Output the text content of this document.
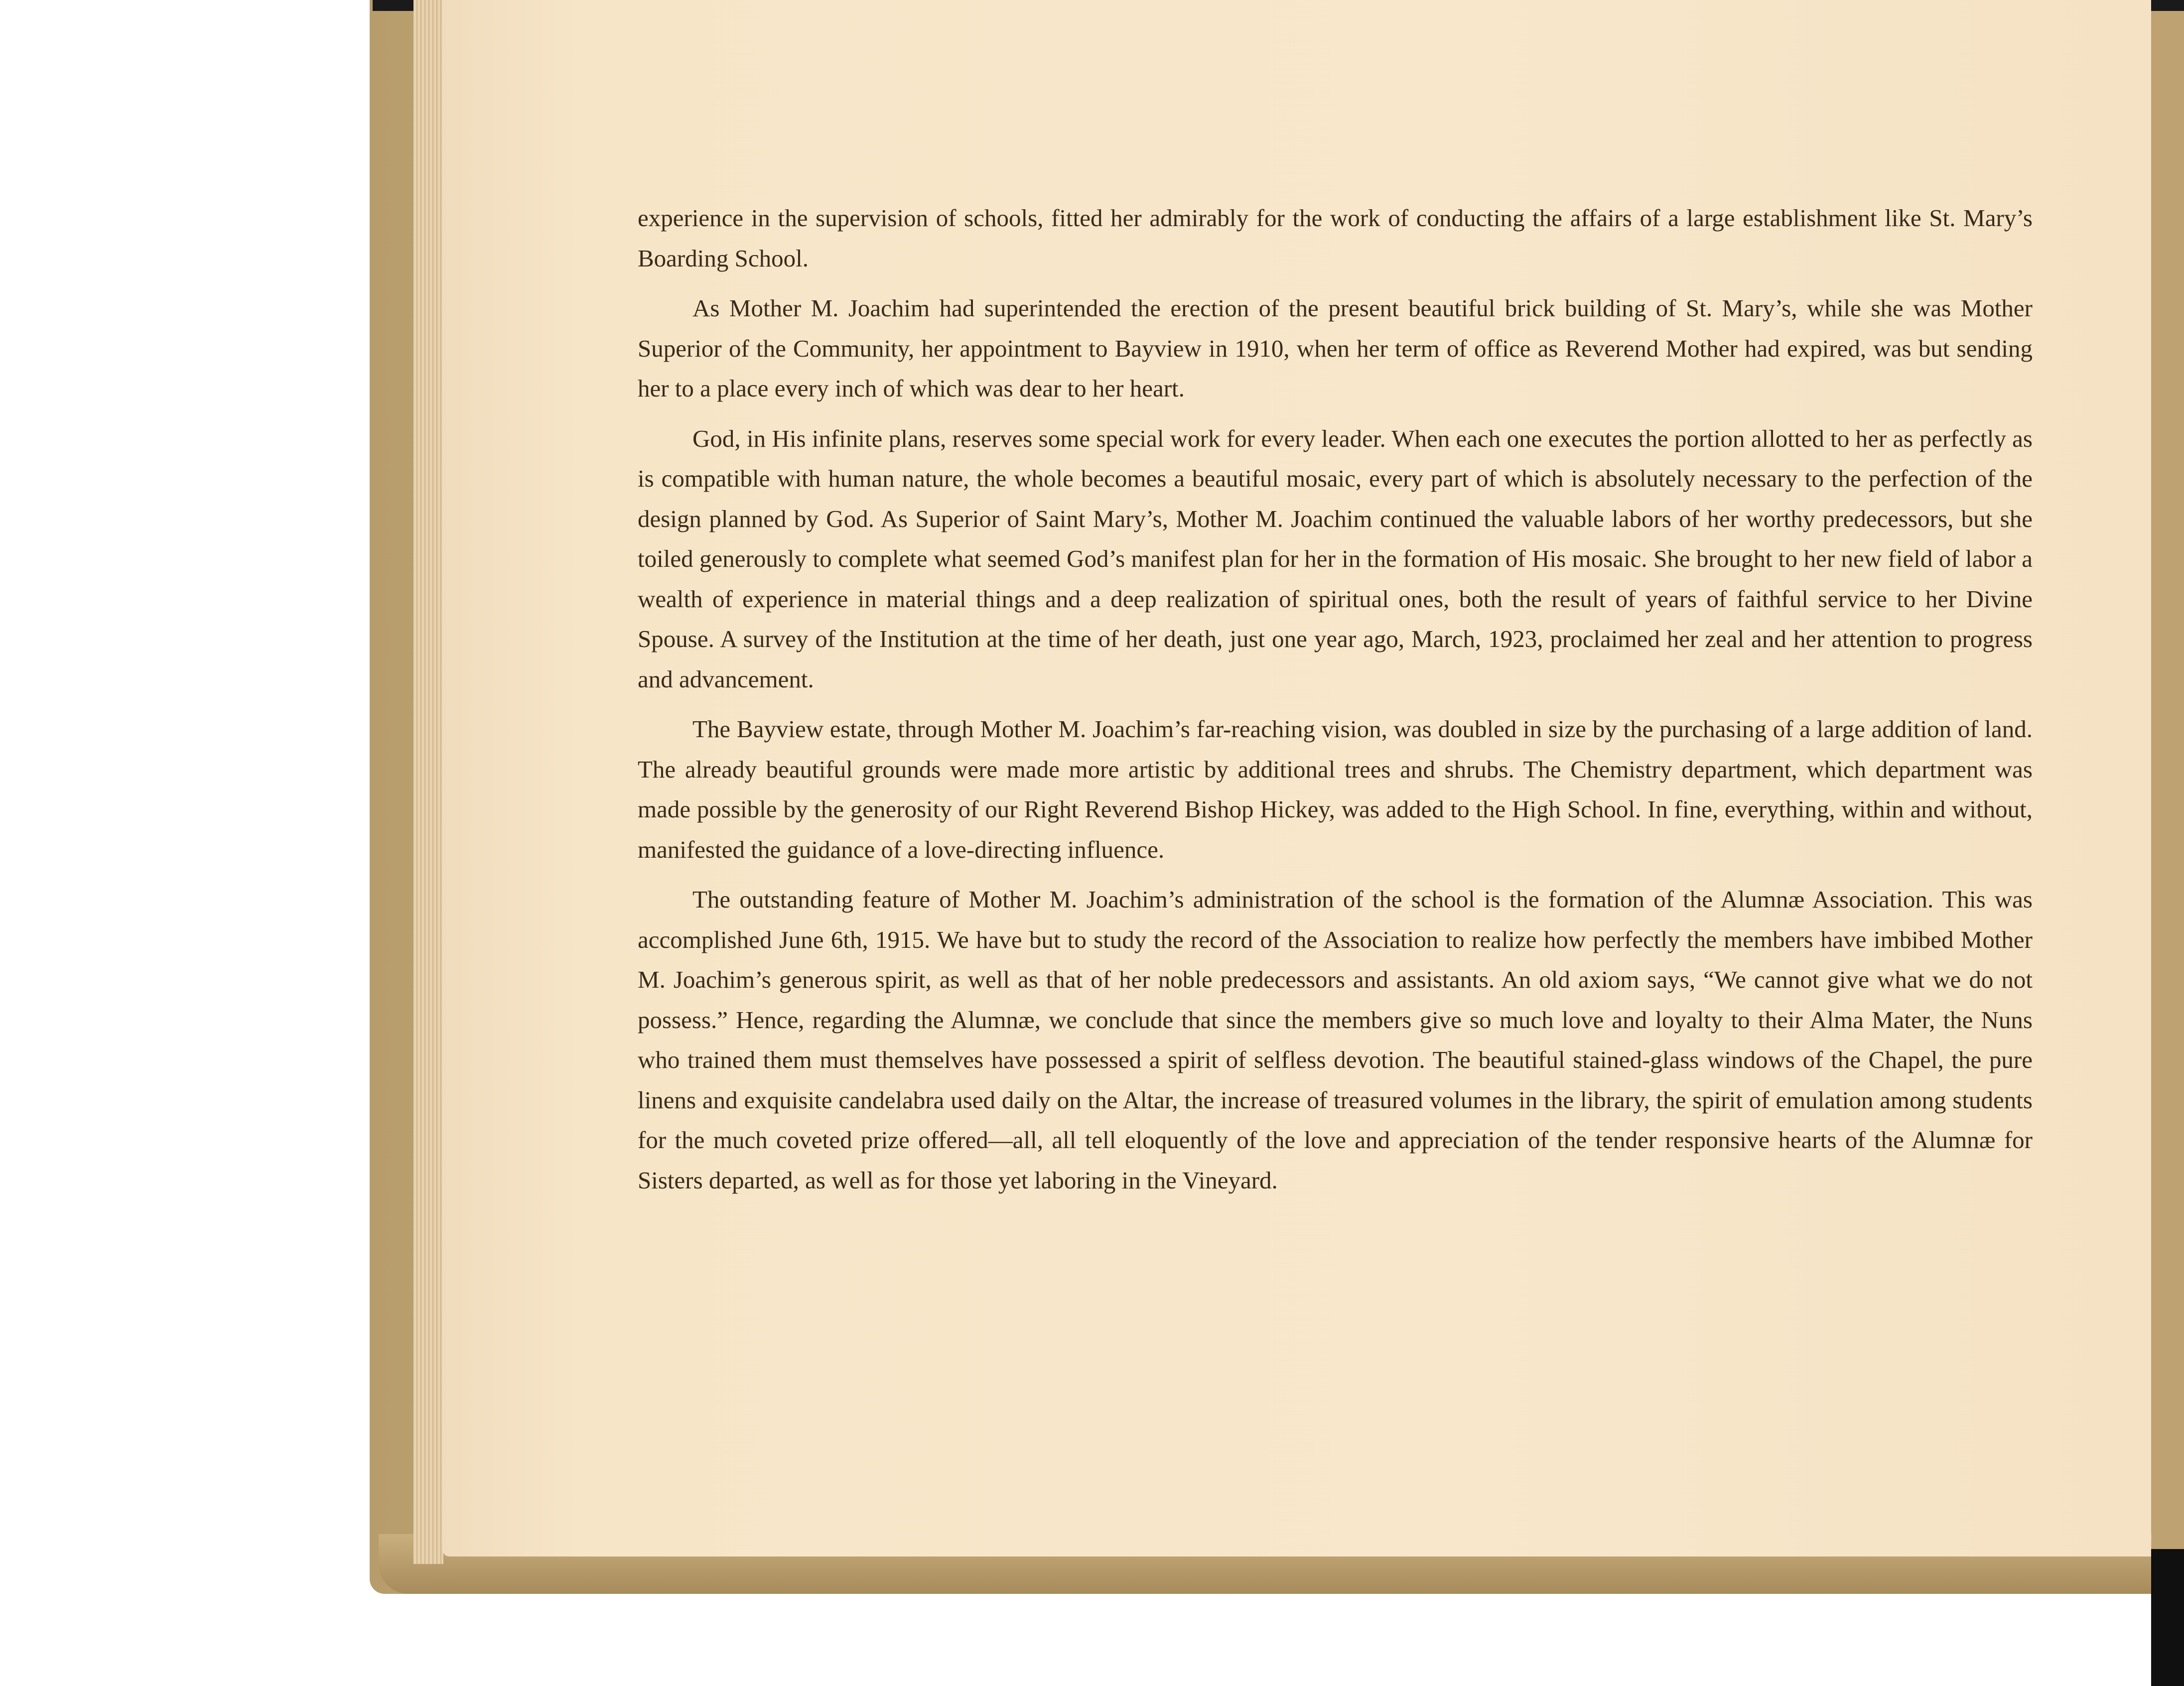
experience in the supervision of schools, fitted her admirably for the work of conducting the affairs of a large establishment like St. Mary’s Boarding School.

As Mother M. Joachim had superintended the erection of the present beautiful brick building of St. Mary’s, while she was Mother Superior of the Community, her appointment to Bayview in 1910, when her term of office as Reverend Mother had expired, was but sending her to a place every inch of which was dear to her heart.

God, in His infinite plans, reserves some special work for every leader. When each one executes the portion allotted to her as perfectly as is compatible with human nature, the whole becomes a beautiful mosaic, every part of which is absolutely necessary to the perfection of the design planned by God. As Superior of Saint Mary’s, Mother M. Joachim continued the valuable labors of her worthy predecessors, but she toiled generously to complete what seemed God’s manifest plan for her in the formation of His mosaic. She brought to her new field of labor a wealth of experience in material things and a deep realization of spiritual ones, both the result of years of faithful service to her Divine Spouse. A survey of the Institution at the time of her death, just one year ago, March, 1923, proclaimed her zeal and her attention to progress and advancement.

The Bayview estate, through Mother M. Joachim’s far-reaching vision, was doubled in size by the purchasing of a large addition of land. The already beautiful grounds were made more artistic by additional trees and shrubs. The Chemistry department, which department was made possible by the generosity of our Right Reverend Bishop Hickey, was added to the High School. In fine, everything, within and without, manifested the guidance of a love-directing influence.

The outstanding feature of Mother M. Joachim’s administration of the school is the formation of the Alumnæ Association. This was accomplished June 6th, 1915. We have but to study the record of the Association to realize how perfectly the members have imbibed Mother M. Joachim’s generous spirit, as well as that of her noble predecessors and assistants. An old axiom says, “We cannot give what we do not possess.” Hence, regarding the Alumnæ, we conclude that since the members give so much love and loyalty to their Alma Mater, the Nuns who trained them must themselves have possessed a spirit of selfless devotion. The beautiful stained-glass windows of the Chapel, the pure linens and exquisite candelabra used daily on the Altar, the increase of treasured volumes in the library, the spirit of emulation among students for the much coveted prize offered—all, all tell eloquently of the love and appreciation of the tender responsive hearts of the Alumnæ for Sisters departed, as well as for those yet laboring in the Vineyard.
